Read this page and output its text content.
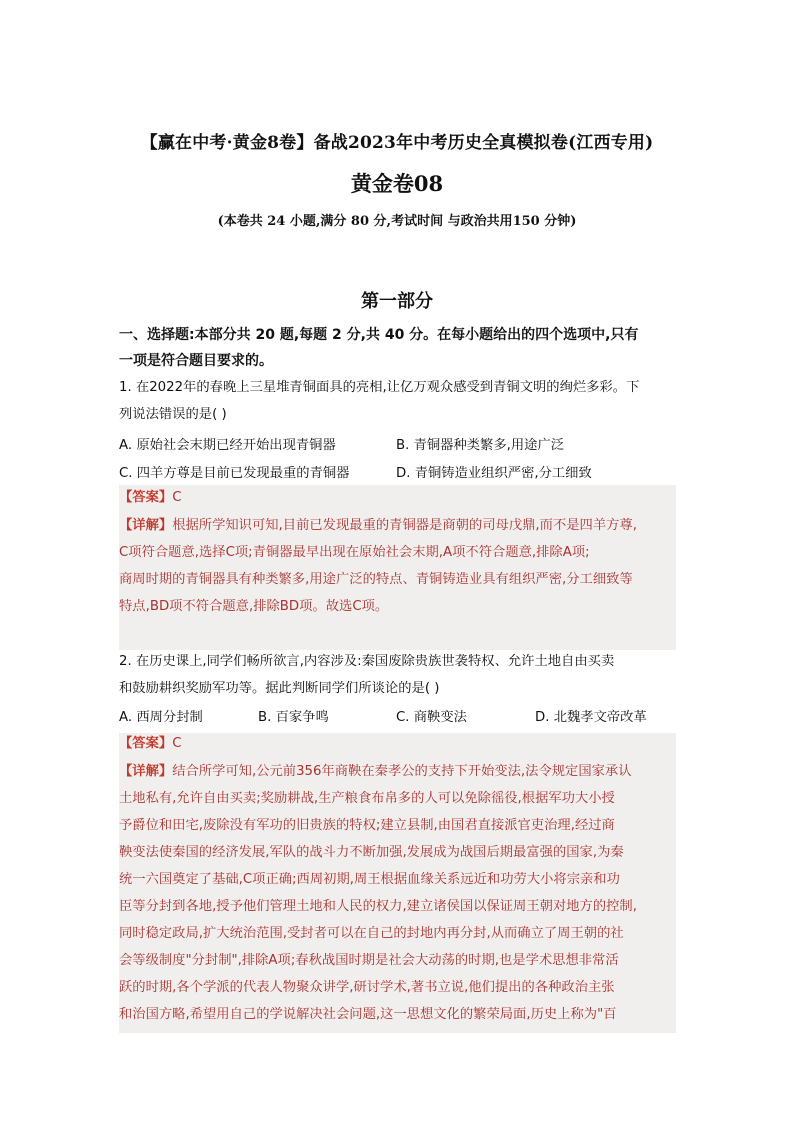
【赢在中考·黄金8卷】备战2023年中考历史全真模拟卷(江西专用)
黄金卷08
(本卷共 24 小题,满分 80 分,考试时间 与政治共用150 分钟)
第一部分
一、选择题:本部分共 20 题,每题 2 分,共 40 分。在每小题给出的四个选项中,只有
一项是符合题目要求的。
1. 在2022年的春晚上三星堆青铜面具的亮相,让亿万观众感受到青铜文明的绚烂多彩。下
列说法错误的是( )
A. 原始社会末期已经开始出现青铜器	B. 青铜器种类繁多,用途广泛
C. 四羊方尊是目前已发现最重的青铜器	D. 青铜铸造业组织严密,分工细致
【答案】C
【详解】根据所学知识可知,目前已发现最重的青铜器是商朝的司母戊鼎,而不是四羊方尊,
C项符合题意,选择C项;青铜器最早出现在原始社会末期,A项不符合题意,排除A项;
商周时期的青铜器具有种类繁多,用途广泛的特点、青铜铸造业具有组织严密,分工细致等
特点,BD项不符合题意,排除BD项。故选C项。
2. 在历史课上,同学们畅所欲言,内容涉及:秦国废除贵族世袭特权、允许土地自由买卖
和鼓励耕织奖励军功等。据此判断同学们所谈论的是( )
A. 西周分封制	B. 百家争鸣	C. 商鞅变法	D. 北魏孝文帝改革
【答案】C
【详解】结合所学可知,公元前356年商鞅在秦孝公的支持下开始变法,法令规定国家承认
土地私有,允许自由买卖;奖励耕战,生产粮食布帛多的人可以免除徭役,根据军功大小授
予爵位和田宅,废除没有军功的旧贵族的特权;建立县制,由国君直接派官吏治理,经过商
鞅变法使秦国的经济发展,军队的战斗力不断加强,发展成为战国后期最富强的国家,为秦
统一六国奠定了基础,C项正确;西周初期,周王根据血缘关系远近和功劳大小将宗亲和功
臣等分封到各地,授予他们管理土地和人民的权力,建立诸侯国以保证周王朝对地方的控制,
同时稳定政局,扩大统治范围,受封者可以在自己的封地内再分封,从而确立了周王朝的社
会等级制度"分封制",排除A项;春秋战国时期是社会大动荡的时期,也是学术思想非常活
跃的时期,各个学派的代表人物聚众讲学,研讨学术,著书立说,他们提出的各种政治主张
和治国方略,希望用自己的学说解决社会问题,这一思想文化的繁荣局面,历史上称为"百
